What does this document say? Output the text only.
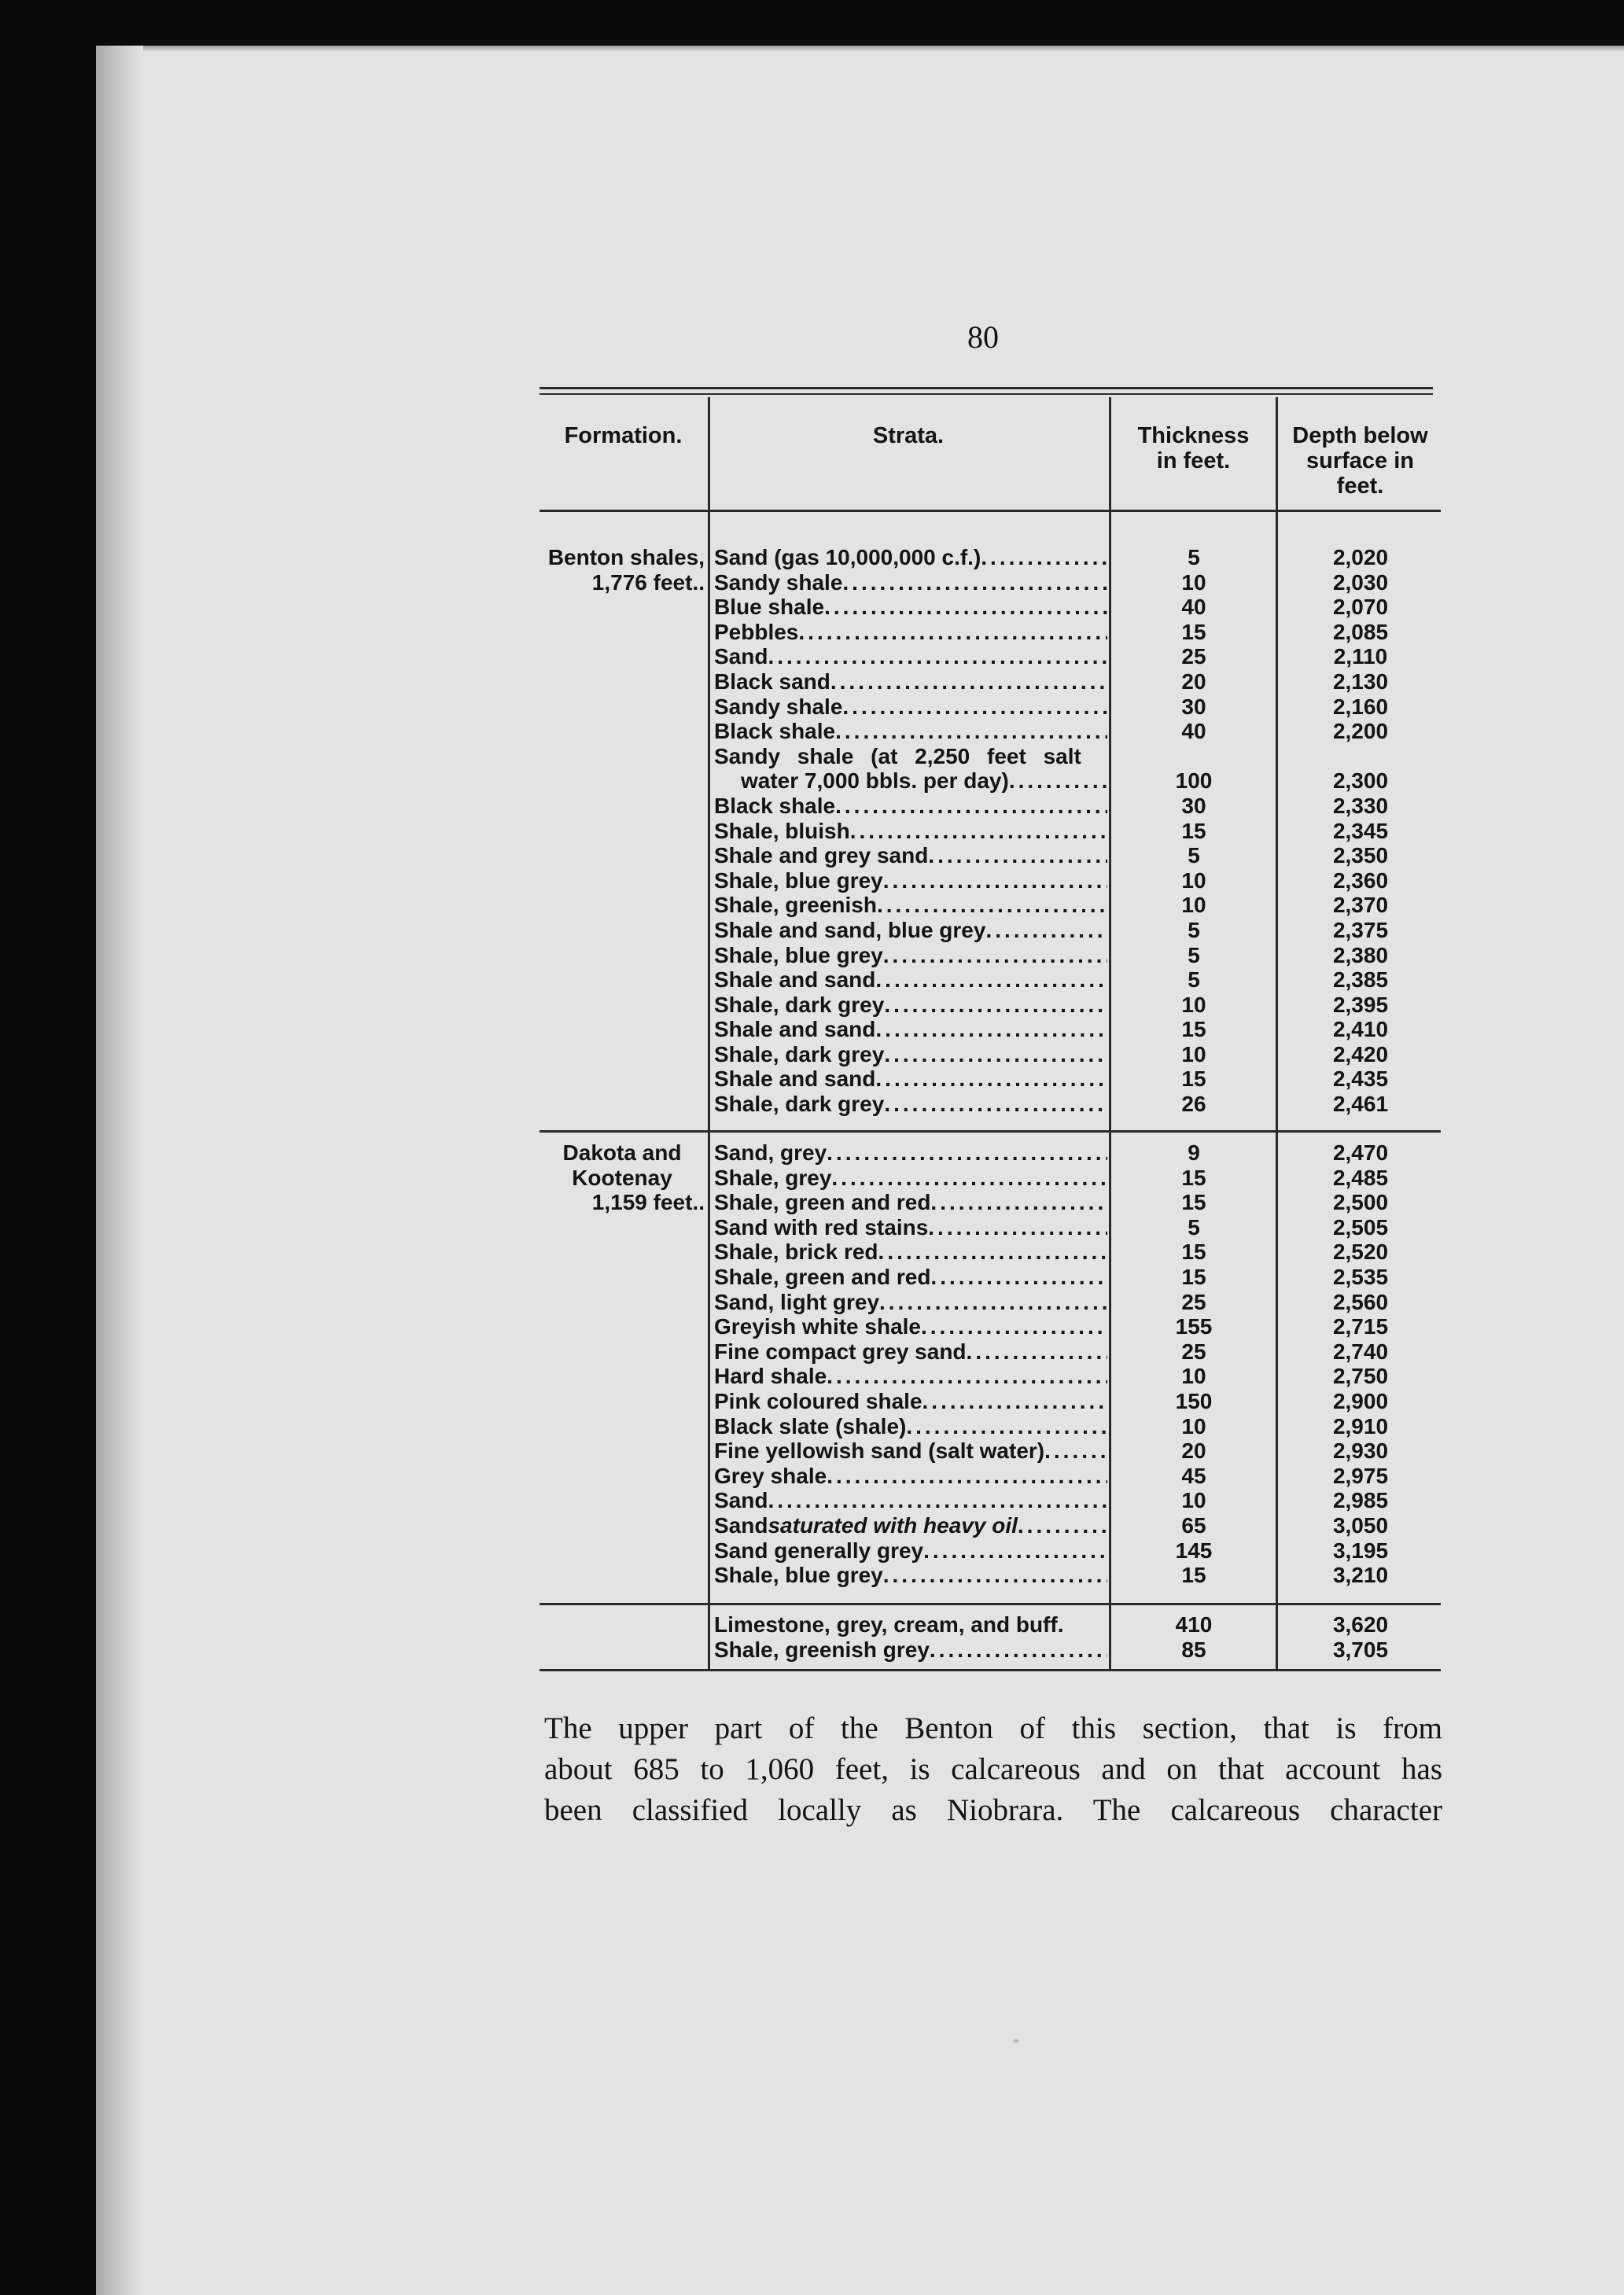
80
Formation.	Strata.	Thickness
in feet.
Depth below
surface in
feet.
Benton shales,
1,776 feet..
Dakota and
Kootenay
1,159 feet..
Sand (gas 10,000,000 c.f.)
.....
Sandy shale
.....
Blue shale
.....
Pebbles
.....
Sand
.....
Black sand
.....
Sandy shale
.....
Black shale
.....
Sandy shale (at 2,250 feet salt
water 7,000 bbls. per day)
.....
Black shale
.....
Shale, bluish
.....
Shale and grey sand
.....
Shale, blue grey
.....
Shale, greenish
.....
Shale and sand, blue grey
.....
Shale, blue grey
.....
Shale and sand
.....
Shale, dark grey
.....
Shale and sand
.....
Shale, dark grey
.....
Shale and sand
.....
Shale, dark grey
.....
5
10
40
15
25
20
30
40
100
30
15
5
10
10
5
5
5
10
15
10
15
26
2,020
2,030
2,070
2,085
2,110
2,130
2,160
2,200
2,300
2,330
2,345
2,350
2,360
2,370
2,375
2,380
2,385
2,395
2,410
2,420
2,435
2,461
Sand, grey
.....
Shale, grey
.....
Shale, green and red
.....
Sand with red stains
.....
Shale, brick red
.....
Shale, green and red
.....
Sand, light grey
.....
Greyish white shale
.....
Fine compact grey sand
.....
Hard shale
.....
Pink coloured shale
.....
Black slate (shale)
.....
Fine yellowish sand (salt water)
.....
Grey shale
.....
Sand
.....
Sand saturated with heavy oil
.....
Sand generally grey
.....
Shale, blue grey
.....
9
15
15
5
15
15
25
155
25
10
150
10
20
45
10
65
145
15
2,470
2,485
2,500
2,505
2,520
2,535
2,560
2,715
2,740
2,750
2,900
2,910
2,930
2,975
2,985
3,050
3,195
3,210
Limestone, grey, cream, and buff.
Shale, greenish grey
.....
410
85
3,620
3,705
The upper part of the Benton of this section, that is from
about 685 to 1,060 feet, is calcareous and on that account has
been classified locally as Niobrara. The calcareous character
